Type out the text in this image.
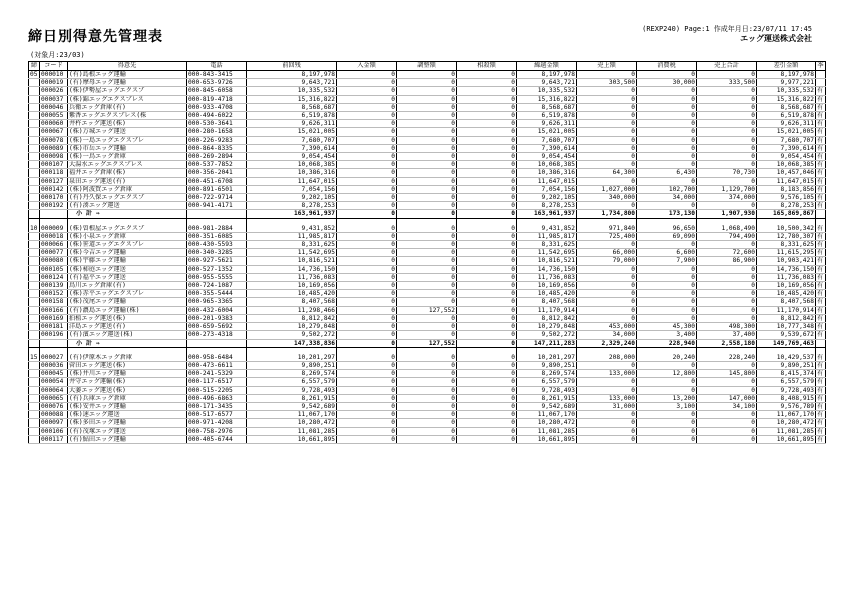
締日別得意先管理表
(対象月:23/03)
(REXP240) Page:1 作成年月日:23/07/11 17:45
エッグ運送株式会社
締	コード	得意先	電話	前回残	入金額	調整額	相殺額	繰越金額	売上額	消費税	売上合計	差引金額	季
05	000010	(有)島根エッグ運輸	000-843-3415	8,197,978	0	0	0	8,197,978	0	0	0	8,197,978	
	000019	(有)摩母エッグ運輸	000-653-9726	9,643,721	0	0	0	9,643,721	303,500	30,000	333,500	9,977,221	
	000026	(株)伊勢屋エッグエクスプ	000-845-6058	10,335,532	0	0	0	10,335,532	0	0	0	10,335,532	有
	000037	(株)錦エッグエクスプレス	000-819-4718	15,316,822	0	0	0	15,316,822	0	0	0	15,316,822	有
	000046	兵衛エッグ倉庫(有)	000-933-4708	8,568,687	0	0	0	8,568,687	0	0	0	8,568,687	有
	000055	紫香エッグエクスプレス(株	000-494-6022	6,519,878	0	0	0	6,519,878	0	0	0	6,519,878	有
	000060	井杵エッグ運送(株)	000-530-3641	9,626,311	0	0	0	9,626,311	0	0	0	9,626,311	有
	000067	(株)万城エッグ運送	000-280-1658	15,021,005	0	0	0	15,021,005	0	0	0	15,021,005	有
	000078	(株)一島エッグエクスプレ	000-226-9283	7,680,707	0	0	0	7,680,707	0	0	0	7,680,707	有
	000089	(株)市岳エッグ運輸	000-864-8335	7,390,614	0	0	0	7,390,614	0	0	0	7,390,614	有
	000098	(株)一鳥エッグ倉庫	000-269-2894	9,054,454	0	0	0	9,054,454	0	0	0	9,054,454	有
	000107	大湯水エッグエクスプレス	000-537-7852	10,068,385	0	0	0	10,068,385	0	0	0	10,068,385	有
	000118	福井エッグ倉庫(株)	000-356-2041	10,386,316	0	0	0	10,386,316	64,300	6,430	70,730	10,457,046	有
	000127	泉田エッグ運送(有)	000-451-6708	11,647,015	0	0	0	11,647,015	0	0	0	11,647,015	有
	000142	(株)阿波賀エッグ倉庫	000-891-6501	7,054,156	0	0	0	7,054,156	1,027,000	102,700	1,129,700	8,183,856	有
	000170	(有)丹久保エッグエクスプ	000-722-9714	9,202,105	0	0	0	9,202,105	340,000	34,000	374,000	9,576,105	有
	000192	(有)湊エッグ運送	000-941-4171	8,278,253	0	0	0	8,278,253	0	0	0	8,278,253	有
		小 計 ⇒		163,961,937	0	0	0	163,961,937	1,734,800	173,130	1,907,930	165,869,867	

10	000009	(株)曽根屋エッグエクスプ	000-981-2884	9,431,852	0	0	0	9,431,852	971,840	96,650	1,068,490	10,500,342	有
	000018	(株)小泉エッグ倉庫	000-351-6085	11,985,817	0	0	0	11,985,817	725,400	69,090	794,490	12,780,307	有
	000066	(株)笹道エッグエクスプレ	000-430-5593	8,331,625	0	0	0	8,331,625	0	0	0	8,331,625	有
	000077	(株)今吉エッグ運輸	000-340-3285	11,542,695	0	0	0	11,542,695	66,000	6,600	72,600	11,615,295	有
	000080	(株)宇藤エッグ運輸	000-927-5621	10,816,521	0	0	0	10,816,521	79,000	7,900	86,900	10,903,421	有
	000105	(株)柿庭エッグ運送	000-527-1352	14,736,150	0	0	0	14,736,150	0	0	0	14,736,150	有
	000124	(有)福平エッグ運送	000-955-5555	11,736,083	0	0	0	11,736,083	0	0	0	11,736,083	有
	000139	鳥川エッグ倉庫(有)	000-724-1087	10,169,056	0	0	0	10,169,056	0	0	0	10,169,056	有
	000152	(株)赤平エッグエクスプレ	000-355-5444	10,485,420	0	0	0	10,485,420	0	0	0	10,485,420	有
	000158	(株)茂尾エッグ運輸	000-965-3365	8,407,568	0	0	0	8,407,568	0	0	0	8,407,568	有
	000166	(有)濃島エッグ運輸(株)	000-432-6004	11,298,466	0	127,552	0	11,170,914	0	0	0	11,170,914	有
	000169	拍植エッグ運送(株)	000-201-9383	8,812,842	0	0	0	8,812,842	0	0	0	8,812,842	有
	000181	洋島エッグ運送(有)	000-659-5692	10,279,048	0	0	0	10,279,048	453,000	45,300	498,300	10,777,348	有
	000196	(有)濱エッグ運送(株)	000-273-4318	9,502,272	0	0	0	9,502,272	34,000	3,400	37,400	9,539,672	有
		小 計 ⇒		147,338,836	0	127,552	0	147,211,283	2,329,240	228,940	2,558,180	149,769,463	

15	000027	(有)伊原木エッグ倉庫	000-958-6484	10,201,297	0	0	0	10,201,297	208,000	20,240	228,240	10,429,537	有
	000036	菅田エッグ運送(株)	000-473-6611	9,890,251	0	0	0	9,890,251	0	0	0	9,890,251	有
	000045	(株)井川エッグ運輸	000-241-5329	8,269,574	0	0	0	8,269,574	133,000	12,800	145,800	8,415,374	有
	000054	井守エッグ運輸(株)	000-117-6517	6,557,579	0	0	0	6,557,579	0	0	0	6,557,579	有
	000064	大萎エッグ運送(株)	000-515-2205	9,728,493	0	0	0	9,728,493	0	0	0	9,728,493	有
	000065	(有)兵庫エッグ倉庫	000-496-6863	8,261,915	0	0	0	8,261,915	133,000	13,200	147,000	8,408,915	有
	000076	(株)安井エッグ運輸	000-171-3435	9,542,689	0	0	0	9,542,689	31,000	3,100	34,100	9,576,789	有
	000088	(株)速エッグ運送	000-517-6577	11,067,170	0	0	0	11,067,170	0	0	0	11,067,170	有
	000097	(株)多田エッグ運輸	000-971-4208	10,280,472	0	0	0	10,280,472	0	0	0	10,280,472	有
	000106	(有)茂塚エッグ運送	000-758-2976	11,081,285	0	0	0	11,081,285	0	0	0	11,081,285	有
	000117	(有)鮎田エッグ運輸	000-405-6744	10,661,895	0	0	0	10,661,895	0	0	0	10,661,895	有
